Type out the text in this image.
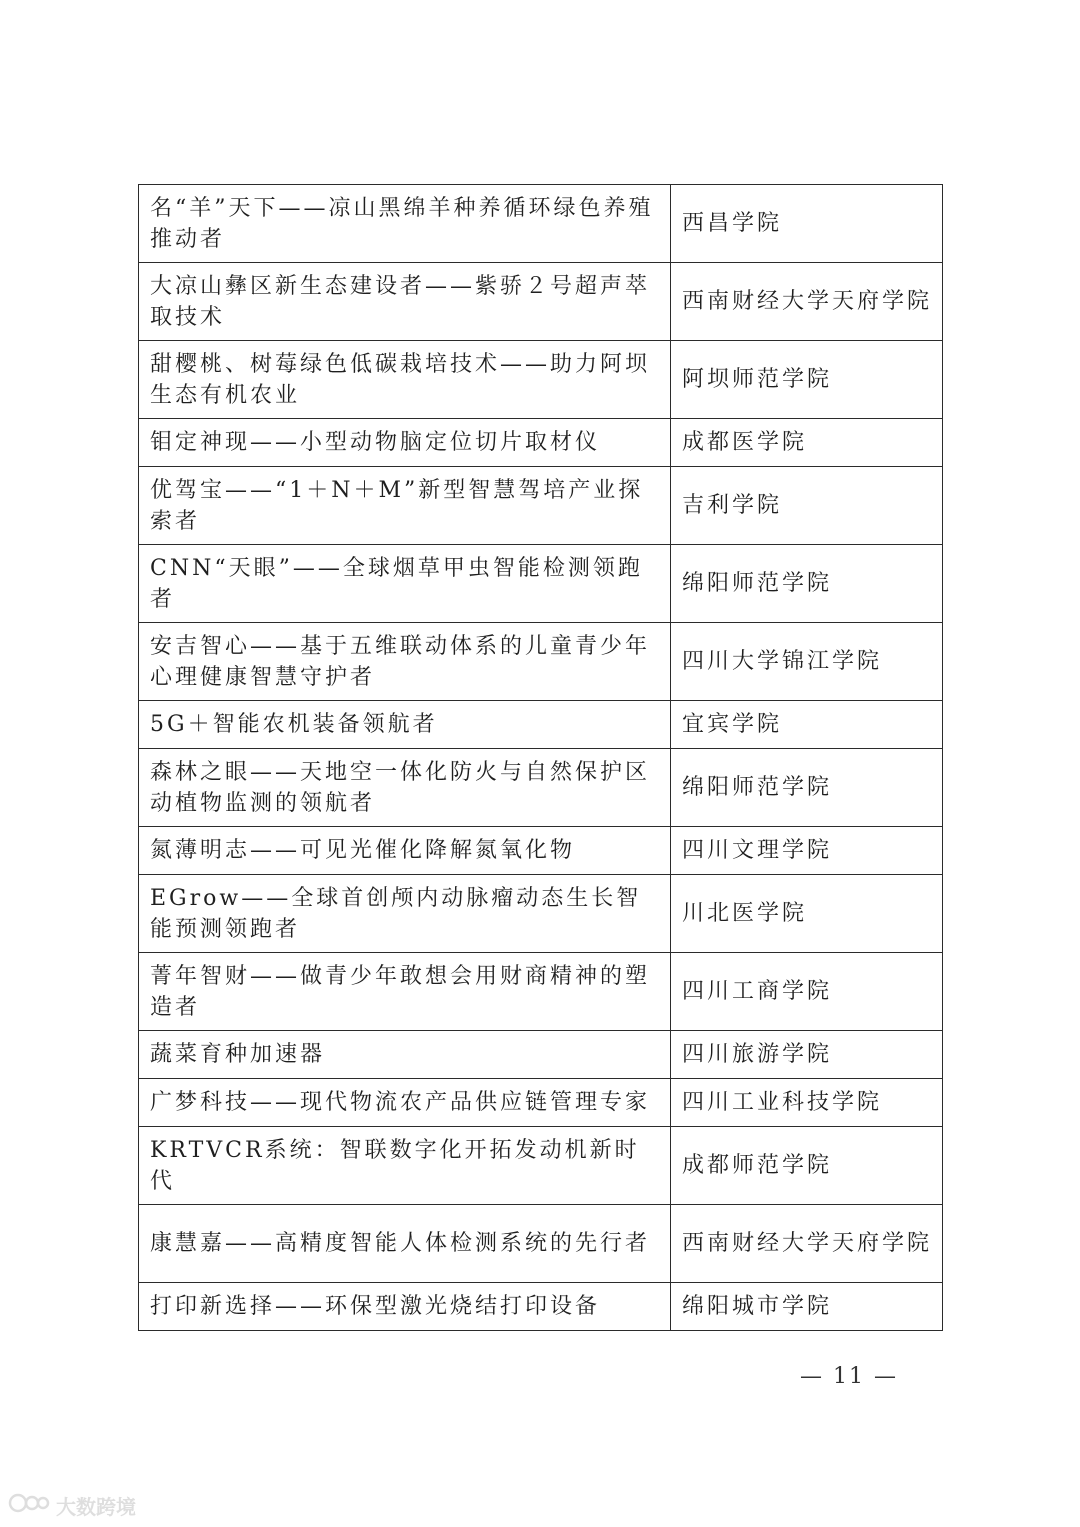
名“羊”天下——凉山黑绵羊种养循环绿色养殖推动者	西昌学院
大凉山彝区新生态建设者——紫骄２号超声萃取技术	西南财经大学天府学院
甜樱桃、树莓绿色低碳栽培技术——助力阿坝生态有机农业	阿坝师范学院
钼定神现——小型动物脑定位切片取材仪	成都医学院
优驾宝——“1＋N＋M”新型智慧驾培产业探索者	吉利学院
CNN“天眼”——全球烟草甲虫智能检测领跑者	绵阳师范学院
安吉智心——基于五维联动体系的儿童青少年心理健康智慧守护者	四川大学锦江学院
5G＋智能农机装备领航者	宜宾学院
森林之眼——天地空一体化防火与自然保护区动植物监测的领航者	绵阳师范学院
氮薄明志——可见光催化降解氮氧化物	四川文理学院
EGrow——全球首创颅内动脉瘤动态生长智能预测领跑者	川北医学院
菁年智财——做青少年敢想会用财商精神的塑造者	四川工商学院
蔬菜育种加速器	四川旅游学院
广梦科技——现代物流农产品供应链管理专家	四川工业科技学院
KRTVCR系统：智联数字化开拓发动机新时代	成都师范学院
康慧嘉——高精度智能人体检测系统的先行者	西南财经大学天府学院
打印新选择——环保型激光烧结打印设备	绵阳城市学院
— 11 —
大数跨境
